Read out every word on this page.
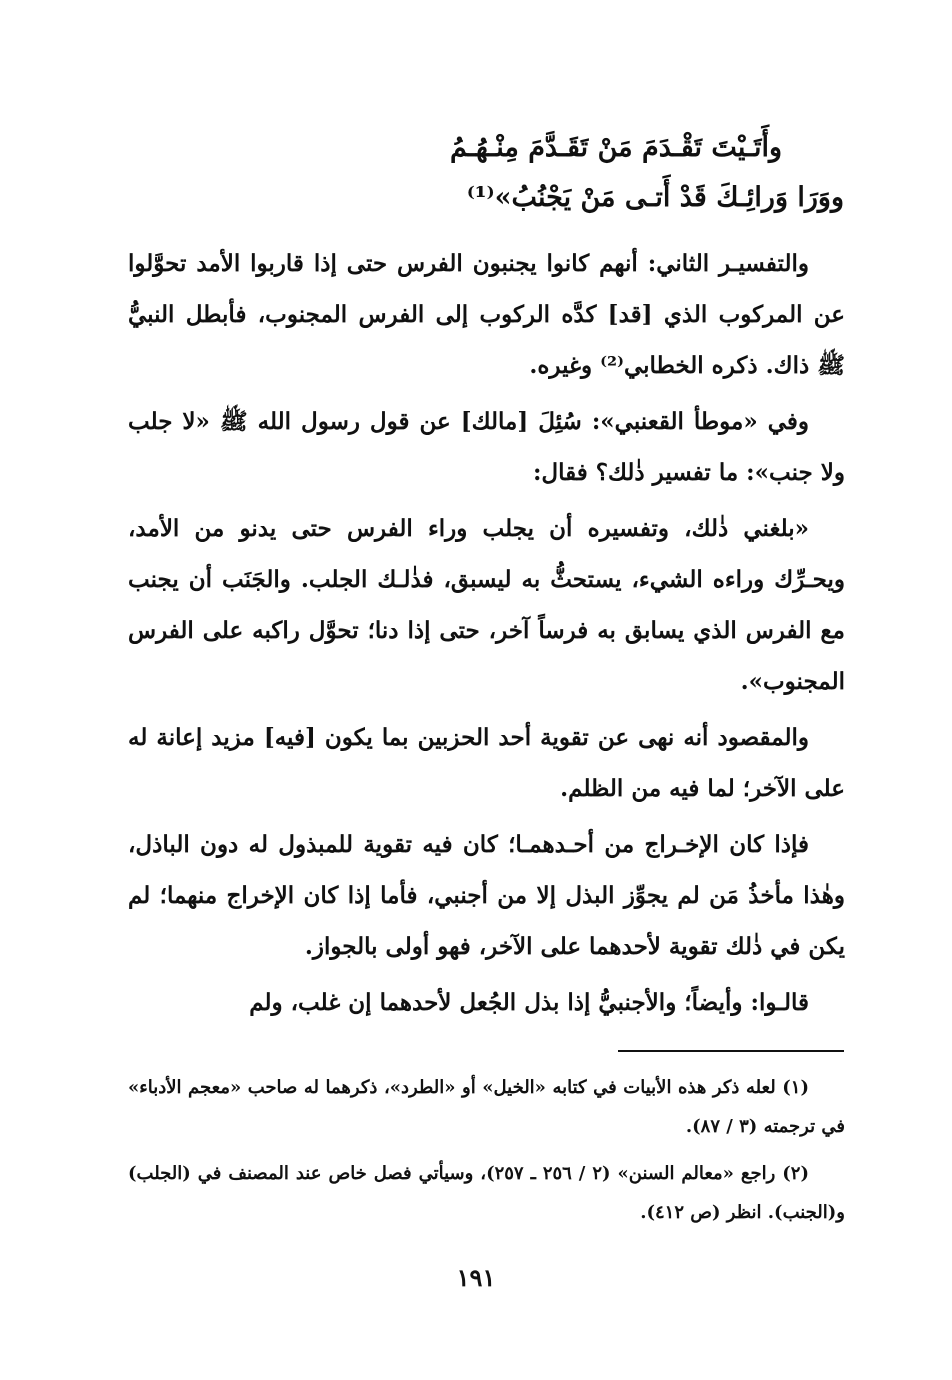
وأَتَـيْتَ تَقْـدَمَ مَنْ تَقَـدَّمَ مِنْـهُـمُ
ووَرَا وَرائِـكَ قَدْ أَتـى مَنْ يَجْنُبُ»⁽¹⁾

والتفسيـر الثاني: أنهم كانوا يجنبون الفرس حتى إذا قاربوا الأمد تحوَّلوا عن المركوب الذي [قد] كدَّه الركوب إلى الفرس المجنوب، فأبطل النبيُّ ﷺ ذاك. ذكره الخطابي⁽²⁾ وغيره.

وفي «موطأ القعنبي»: سُئِلَ [مالك] عن قول رسول الله ﷺ «لا جلب ولا جنب»: ما تفسير ذٰلك؟ فقال:

«بلغني ذٰلك، وتفسيره أن يجلب وراء الفرس حتى يدنو من الأمد، ويحـرِّك وراءه الشيء، يستحثُّ به ليسبق، فذٰلـك الجلب. والجَنَب أن يجنب مع الفرس الذي يسابق به فرساً آخر، حتى إذا دنا؛ تحوَّل راكبه على الفرس المجنوب».

والمقصود أنه نهى عن تقوية أحد الحزبين بما يكون [فيه] مزيد إعانة له على الآخر؛ لما فيه من الظلم.

فإذا كان الإخـراج من أحـدهمـا؛ كان فيه تقوية للمبذول له دون الباذل، وهٰذا مأخذُ مَن لم يجوِّز البذل إلا من أجنبي، فأما إذا كان الإخراج منهما؛ لم يكن في ذٰلك تقوية لأحدهما على الآخر، فهو أولى بالجواز.

قالـوا: وأيضاً؛ والأجنبيُّ إذا بذل الجُعل لأحدهما إن غلب، ولم

(١) لعله ذكر هذه الأبيات في كتابه «الخيل» أو «الطرد»، ذكرهما له صاحب «معجم الأدباء» في ترجمته (٣ / ٨٧).

(٢) راجع «معالم السنن» (٢ / ٢٥٦ ـ ٢٥٧)، وسيأتي فصل خاص عند المصنف في (الجلب) و(الجنب). انظر (ص ٤١٢).

١٩١
